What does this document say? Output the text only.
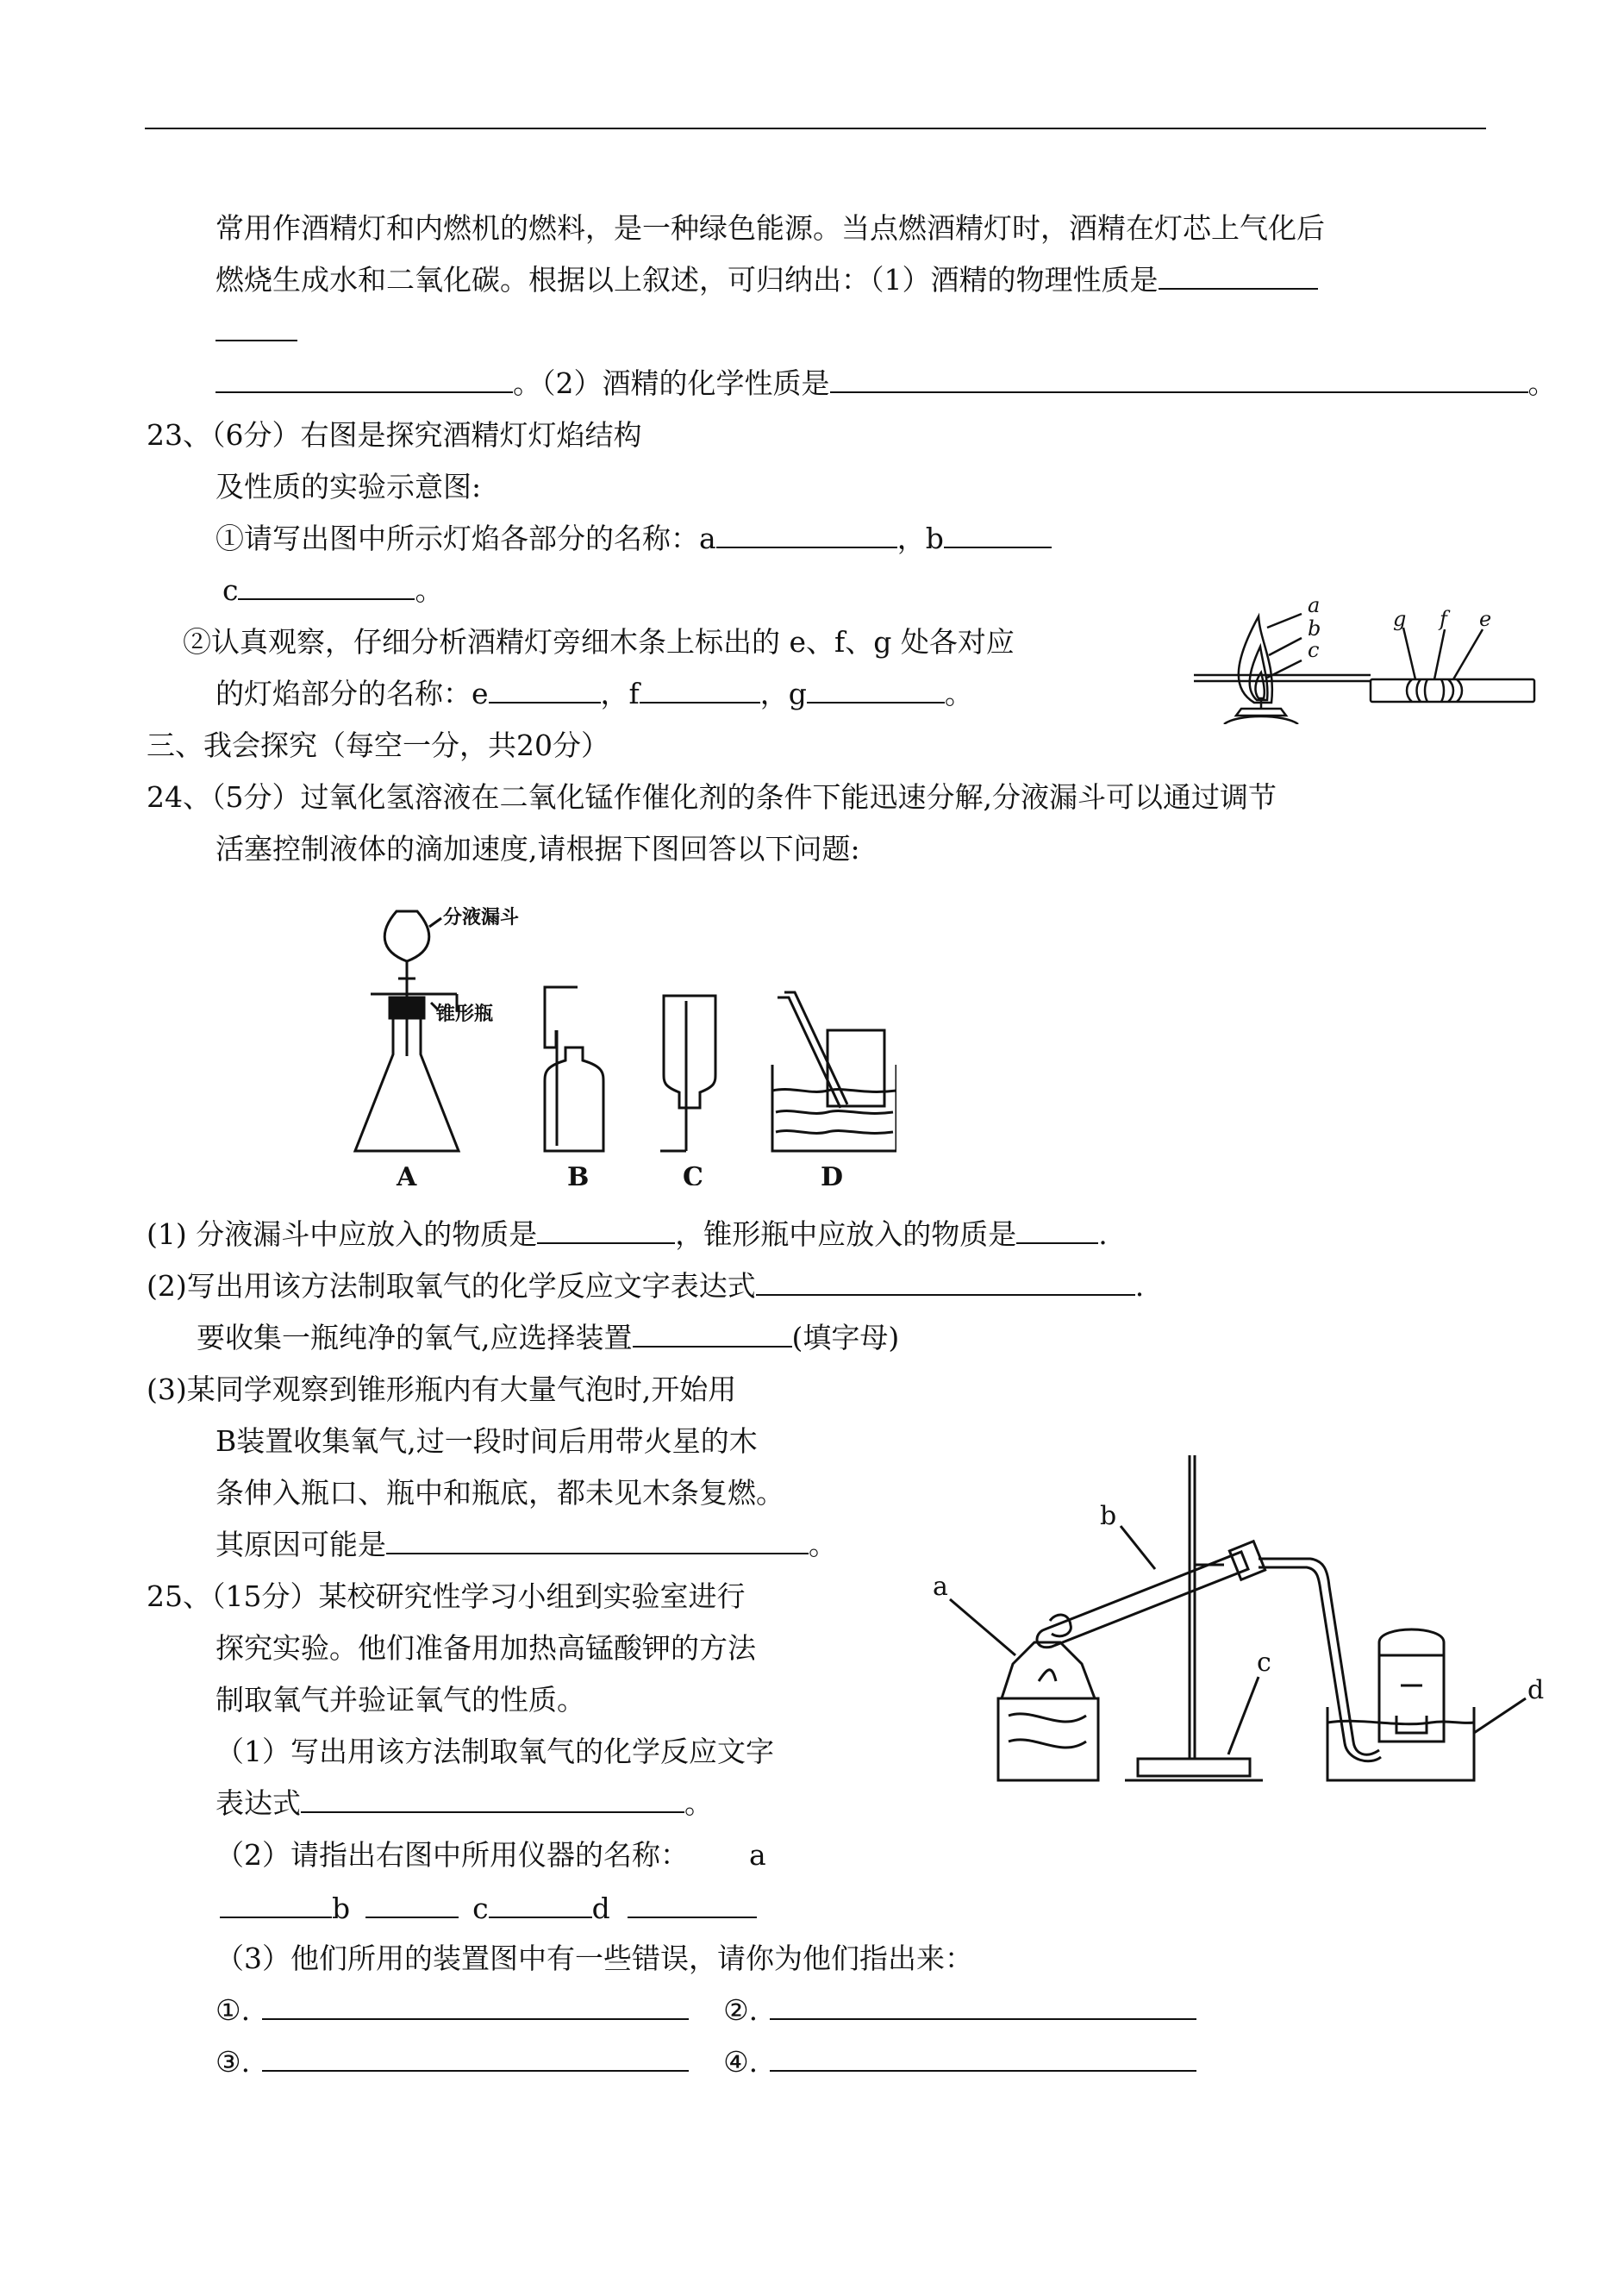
常用作酒精灯和内燃机的燃料，是一种绿色能源。当点燃酒精灯时，酒精在灯芯上气化后
燃烧生成水和二氧化碳。根据以上叙述，可归纳出：（1）酒精的物理性质是
。（2）酒精的化学性质是	。
23、（6分）右图是探究酒精灯灯焰结构
及性质的实验示意图:
①请写出图中所示灯焰各部分的名称：a	，b
c	。
②认真观察，仔细分析酒精灯旁细木条上标出的 e、f、g 处各对应
的灯焰部分的名称：e	，f	，g	。
a
b
c
g f e
三、我会探究（每空一分，共20分）
24、（5分）过氧化氢溶液在二氧化锰作催化剂的条件下能迅速分解,分液漏斗可以通过调节
活塞控制液体的滴加速度,请根据下图回答以下问题:
分液漏斗
锥形瓶
A	B	C	D
(1) 分液漏斗中应放入的物质是	，锥形瓶中应放入的物质是	.
(2)写出用该方法制取氧气的化学反应文字表达式	.
要收集一瓶纯净的氧气,应选择装置	(填字母)
(3)某同学观察到锥形瓶内有大量气泡时,开始用
B装置收集氧气,过一段时间后用带火星的木
条伸入瓶口、瓶中和瓶底，都未见木条复燃。
其原因可能是	。
25、（15分）某校研究性学习小组到实验室进行
探究实验。他们准备用加热高锰酸钾的方法
制取氧气并验证氧气的性质。
（1）写出用该方法制取氧气的化学反应文字
表达式	。
（2）请指出右图中所用仪器的名称： a
b	c	d
（3）他们所用的装置图中有一些错误，请你为他们指出来：
①.	②.
③.	④.
a
b
c
d
